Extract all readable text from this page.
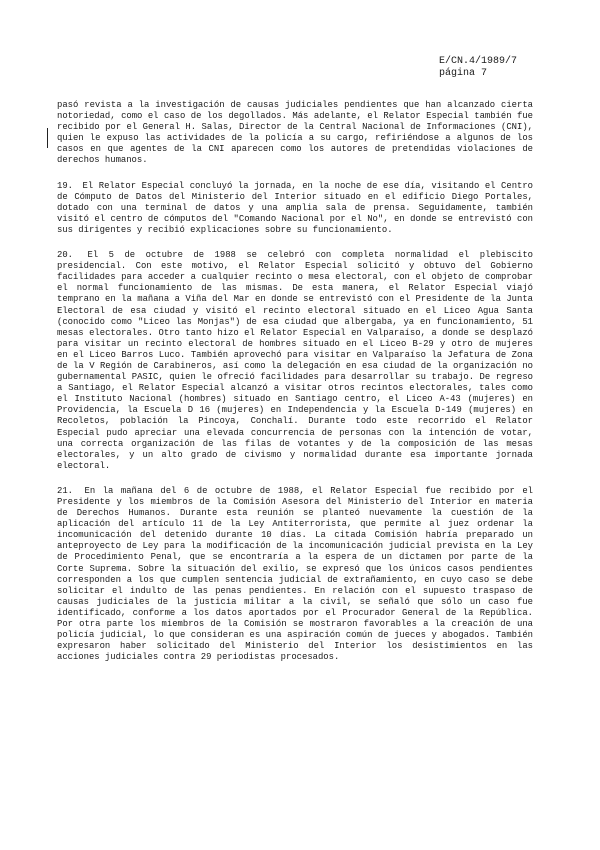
E/CN.4/1989/7
página 7

pasó revista a la investigación de causas judiciales pendientes que han alcanzado cierta notoriedad, como el caso de los degollados. Más adelante, el Relator Especial también fue recibido por el General H. Salas, Director de la Central Nacional de Informaciones (CNI), quien le expuso las actividades de la policía a su cargo, refiriéndose a algunos de los casos en que agentes de la CNI aparecen como los autores de pretendidas violaciones de derechos humanos.

19. El Relator Especial concluyó la jornada, en la noche de ese día, visitando el Centro de Cómputo de Datos del Ministerio del Interior situado en el edificio Diego Portales, dotado con una terminal de datos y una amplia sala de prensa. Seguidamente, también visitó el centro de cómputos del "Comando Nacional por el No", en donde se entrevistó con sus dirigentes y recibió explicaciones sobre su funcionamiento.

20. El 5 de octubre de 1988 se celebró con completa normalidad el plebiscito presidencial. Con este motivo, el Relator Especial solicitó y obtuvo del Gobierno facilidades para acceder a cualquier recinto o mesa electoral, con el objeto de comprobar el normal funcionamiento de las mismas. De esta manera, el Relator Especial viajó temprano en la mañana a Viña del Mar en donde se entrevistó con el Presidente de la Junta Electoral de esa ciudad y visitó el recinto electoral situado en el Liceo Agua Santa (conocido como "Liceo las Monjas") de esa ciudad que albergaba, ya en funcionamiento, 51 mesas electorales. Otro tanto hizo el Relator Especial en Valparaíso, a donde se desplazó para visitar un recinto electoral de hombres situado en el Liceo B-29 y otro de mujeres en el Liceo Barros Luco. También aprovechó para visitar en Valparaíso la Jefatura de Zona de la V Región de Carabineros, así como la delegación en esa ciudad de la organización no gubernamental PASIC, quien le ofreció facilidades para desarrollar su trabajo. De regreso a Santiago, el Relator Especial alcanzó a visitar otros recintos electorales, tales como el Instituto Nacional (hombres) situado en Santiago centro, el Liceo A-43 (mujeres) en Providencia, la Escuela D 16 (mujeres) en Independencia y la Escuela D-149 (mujeres) en Recoletos, población la Pincoya, Conchalí. Durante todo este recorrido el Relator Especial pudo apreciar una elevada concurrencia de personas con la intención de votar, una correcta organización de las filas de votantes y de la composición de las mesas electorales, y un alto grado de civismo y normalidad durante esa importante jornada electoral.

21. En la mañana del 6 de octubre de 1988, el Relator Especial fue recibido por el Presidente y los miembros de la Comisión Asesora del Ministerio del Interior en materia de Derechos Humanos. Durante esta reunión se planteó nuevamente la cuestión de la aplicación del artículo 11 de la Ley Antiterrorista, que permite al juez ordenar la incomunicación del detenido durante 10 días. La citada Comisión habría preparado un anteproyecto de Ley para la modificación de la incomunicación judicial prevista en la Ley de Procedimiento Penal, que se encontraría a la espera de un dictamen por parte de la Corte Suprema. Sobre la situación del exilio, se expresó que los únicos casos pendientes corresponden a los que cumplen sentencia judicial de extrañamiento, en cuyo caso se debe solicitar el indulto de las penas pendientes. En relación con el supuesto traspaso de causas judiciales de la justicia militar a la civil, se señaló que sólo un caso fue identificado, conforme a los datos aportados por el Procurador General de la República. Por otra parte los miembros de la Comisión se mostraron favorables a la creación de una policía judicial, lo que consideran es una aspiración común de jueces y abogados. También expresaron haber solicitado del Ministerio del Interior los desistimientos en las acciones judiciales contra 29 periodistas procesados.
